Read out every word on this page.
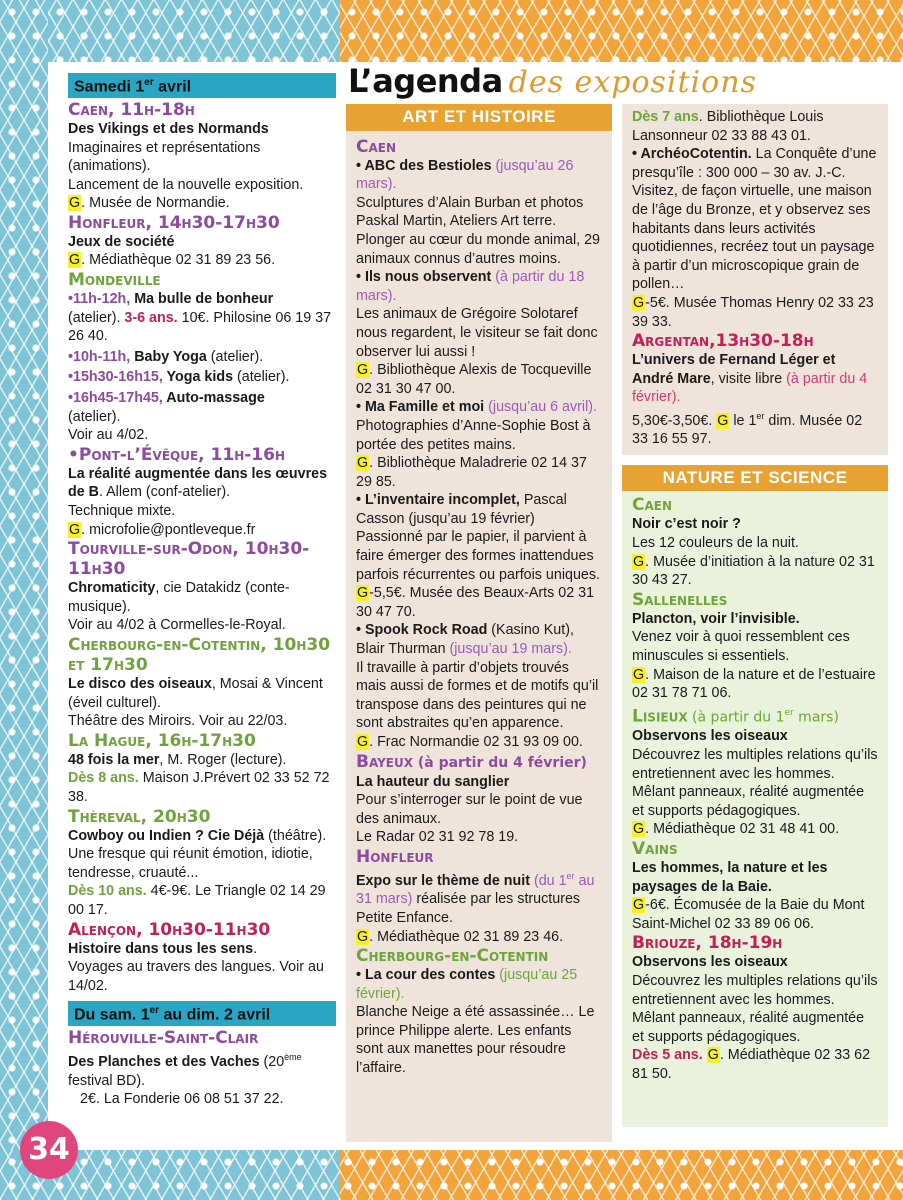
L’agenda des expositions
Samedi 1er avril
Caen, 11h-18h

Des Vikings et des Normands

Imaginaires et représentations (animations).

Lancement de la nouvelle exposition.

G. Musée de Normandie.

Honfleur, 14h30-17h30

Jeux de société

G. Médiathèque 02 31 89 23 56.

Mondeville

•11h-12h, Ma bulle de bonheur

(atelier). 3-6 ans. 10€. Philosine 06 19 37 26 40.

•10h-11h, Baby Yoga (atelier).

•15h30-16h15, Yoga kids (atelier).

•16h45-17h45, Auto-massage

(atelier).

Voir au 4/02.

•Pont-l’Évêque, 11h-16h

La réalité augmentée dans les œuvres de B. Allem (conf-atelier).

Technique mixte.

G. microfolie@pontleveque.fr

Tourville-sur-Odon, 10h30-11h30

Chromaticity, cie Datakidz (conte-musique).

Voir au 4/02 à Cormelles-le-Royal.

Cherbourg-en-Cotentin, 10h30 et 17h30

Le disco des oiseaux, Mosai & Vincent (éveil culturel).

Théâtre des Miroirs. Voir au 22/03.

La Hague, 16h-17h30

48 fois la mer, M. Roger (lecture).

Dès 8 ans. Maison J.Prévert 02 33 52 72 38.

Thèreval, 20h30

Cowboy ou Indien ? Cie Déjà (théâtre).

Une fresque qui réunit émotion, idiotie, tendresse, cruauté...

Dès 10 ans. 4€-9€. Le Triangle 02 14 29 00 17.

Alençon, 10h30-11h30

Histoire dans tous les sens.

Voyages au travers des langues. Voir au 14/02.

Du sam. 1er au dim. 2 avril
Hérouville-Saint-Clair

Des Planches et des Vaches (20ème festival BD).

2€. La Fonderie 06 08 51 37 22.

ART ET HISTOIRE
Caen

• ABC des Bestioles (jusqu’au 26 mars).

Sculptures d’Alain Burban et photos Paskal Martin, Ateliers Art terre. Plonger au cœur du monde animal, 29 animaux connus d’autres moins.

• Ils nous observent (à partir du 18 mars).

Les animaux de Grégoire Solotaref nous regardent, le visiteur se fait donc observer lui aussi !

G. Bibliothèque Alexis de Tocqueville 02 31 30 47 00.

• Ma Famille et moi (jusqu’au 6 avril).

Photographies d’Anne-Sophie Bost à portée des petites mains.

G. Bibliothèque Maladrerie 02 14 37 29 85.

• L’inventaire incomplet, Pascal Casson (jusqu’au 19 février)

Passionné par le papier, il parvient à faire émerger des formes inattendues parfois récurrentes ou parfois uniques.

G-5,5€. Musée des Beaux-Arts 02 31 30 47 70.

• Spook Rock Road (Kasino Kut), Blair Thurman (jusqu’au 19 mars).

Il travaille à partir d’objets trouvés mais aussi de formes et de motifs qu’il transpose dans des peintures qui ne sont abstraites qu’en apparence.

G. Frac Normandie 02 31 93 09 00.

Bayeux (à partir du 4 février)

La hauteur du sanglier

Pour s’interroger sur le point de vue des animaux.

Le Radar 02 31 92 78 19.

Honfleur

Expo sur le thème de nuit (du 1er au 31 mars) réalisée par les structures Petite Enfance.

G. Médiathèque 02 31 89 23 46.

Cherbourg-en-Cotentin

• La cour des contes (jusqu’au 25 février).

Blanche Neige a été assassinée… Le prince Philippe alerte. Les enfants sont aux manettes pour résoudre l’affaire.

Dès 7 ans. Bibliothèque Louis Lansonneur 02 33 88 43 01.

• ArchéoCotentin. La Conquête d’une presqu’île : 300 000 – 30 av. J.-C.

Visitez, de façon virtuelle, une maison de l’âge du Bronze, et y observez ses habitants dans leurs activités quotidiennes, recréez tout un paysage à partir d’un microscopique grain de pollen…

G-5€. Musée Thomas Henry 02 33 23 39 33.

Argentan,13h30-18h

L’univers de Fernand Léger et André Mare, visite libre (à partir du 4 février).

5,30€-3,50€. G le 1er dim. Musée 02 33 16 55 97.

NATURE ET SCIENCE
Caen

Noir c’est noir ?

Les 12 couleurs de la nuit.

G. Musée d’initiation à la nature 02 31 30 43 27.

Sallenelles

Plancton, voir l’invisible.

Venez voir à quoi ressemblent ces minuscules si essentiels.

G. Maison de la nature et de l’estuaire 02 31 78 71 06.

Lisieux (à partir du 1er mars)

Observons les oiseaux

Découvrez les multiples relations qu’ils entretiennent avec les hommes. Mêlant panneaux, réalité augmentée et supports pédagogiques.

G. Médiathèque 02 31 48 41 00.

Vains

Les hommes, la nature et les paysages de la Baie.

G-6€. Écomusée de la Baie du Mont Saint-Michel 02 33 89 06 06.

Briouze, 18h-19h

Observons les oiseaux

Découvrez les multiples relations qu’ils entretiennent avec les hommes. Mêlant panneaux, réalité augmentée et supports pédagogiques.

Dès 5 ans. G. Médiathèque 02 33 62 81 50.

34
